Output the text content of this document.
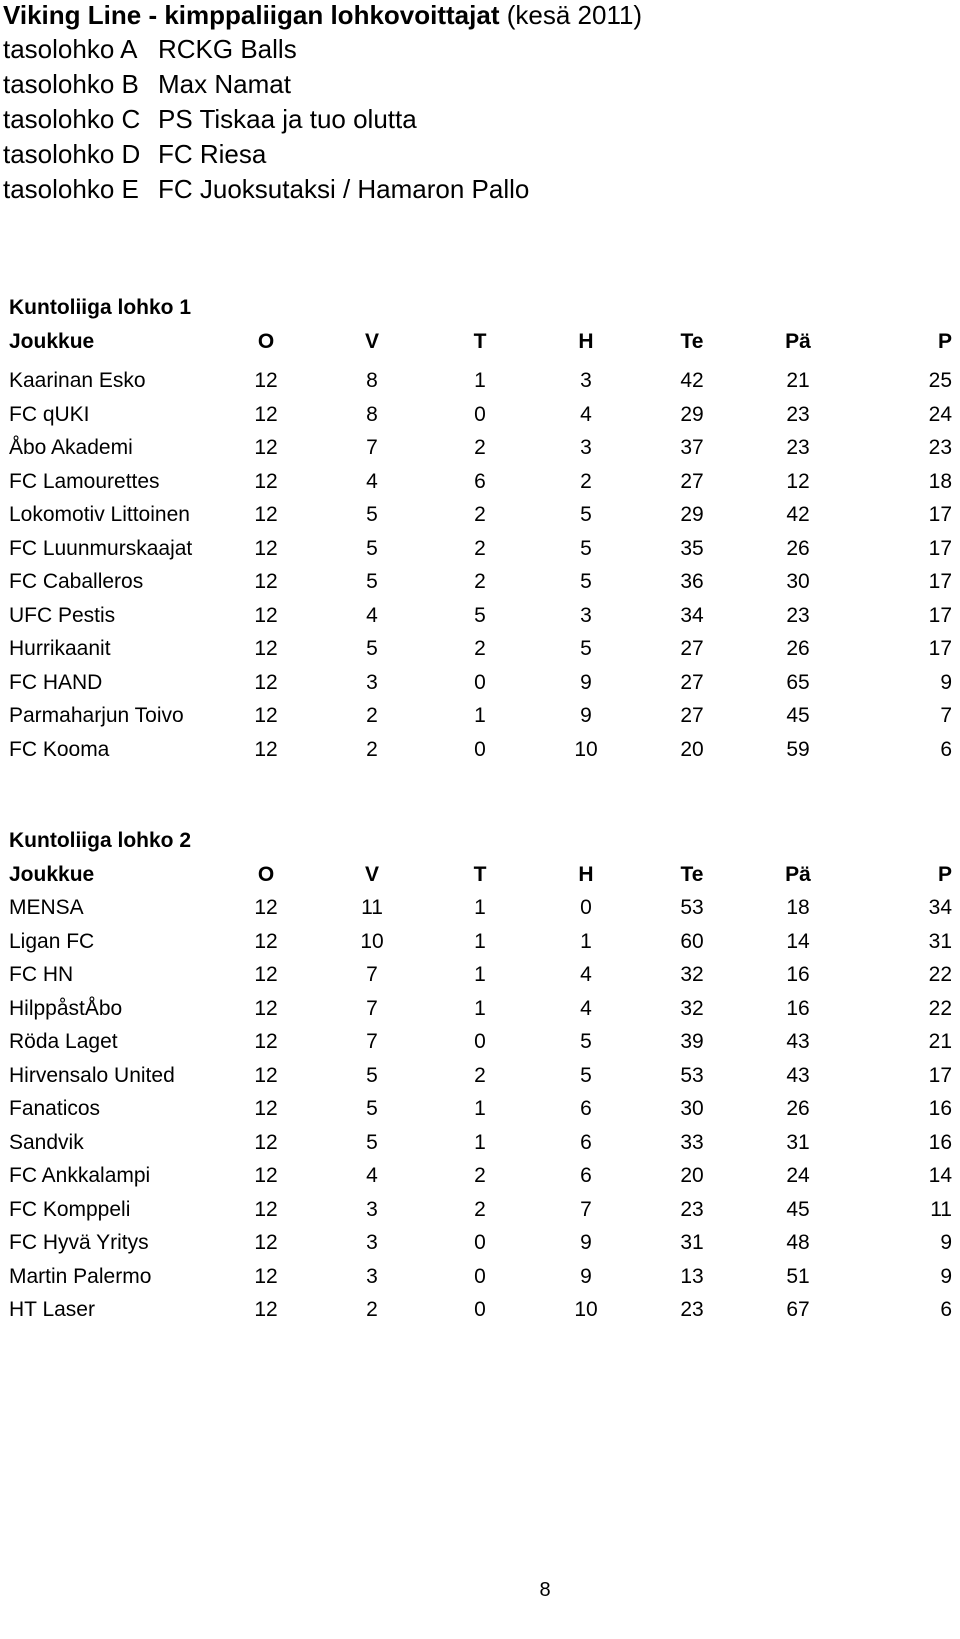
Viking Line - kimppaliigan lohkovoittajat (kesä 2011)
tasolohko A RCKG Balls
tasolohko B Max Namat
tasolohko C PS Tiskaa ja tuo olutta
tasolohko D FC Riesa
tasolohko E FC Juoksutaksi / Hamaron Pallo
Kuntoliiga lohko 1
Joukkue	O	V	T	H	Te	Pä	P
Kaarinan Esko	12	8	1	3	42	21	25
FC qUKI	12	8	0	4	29	23	24
Åbo Akademi	12	7	2	3	37	23	23
FC Lamourettes	12	4	6	2	27	12	18
Lokomotiv Littoinen	12	5	2	5	29	42	17
FC Luunmurskaajat	12	5	2	5	35	26	17
FC Caballeros	12	5	2	5	36	30	17
UFC Pestis	12	4	5	3	34	23	17
Hurrikaanit	12	5	2	5	27	26	17
FC HAND	12	3	0	9	27	65	9
Parmaharjun Toivo	12	2	1	9	27	45	7
FC Kooma	12	2	0	10	20	59	6
Kuntoliiga lohko 2
Joukkue	O	V	T	H	Te	Pä	P
MENSA	12	11	1	0	53	18	34
Ligan FC	12	10	1	1	60	14	31
FC HN	12	7	1	4	32	16	22
HilppåstÅbo	12	7	1	4	32	16	22
Röda Laget	12	7	0	5	39	43	21
Hirvensalo United	12	5	2	5	53	43	17
Fanaticos	12	5	1	6	30	26	16
Sandvik	12	5	1	6	33	31	16
FC Ankkalampi	12	4	2	6	20	24	14
FC Komppeli	12	3	2	7	23	45	11
FC Hyvä Yritys	12	3	0	9	31	48	9
Martin Palermo	12	3	0	9	13	51	9
HT Laser	12	2	0	10	23	67	6
8
